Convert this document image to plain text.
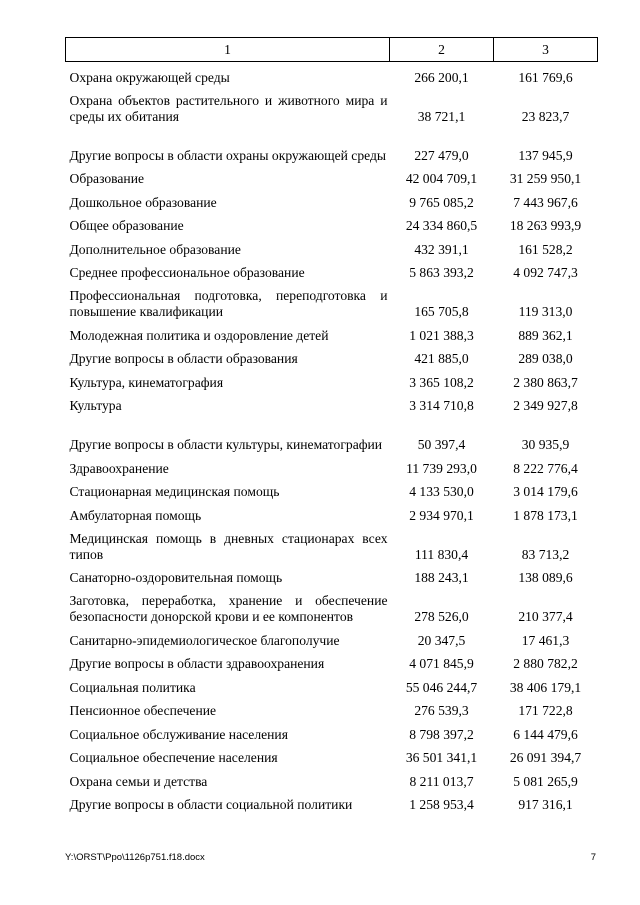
1	2	3
Охрана окружающей среды	266 200,1	161 769,6
Охрана объектов растительного и животного мира и среды их обитания	38 721,1	23 823,7
Другие вопросы в области охраны окружающей среды	227 479,0	137 945,9
Образование	42 004 709,1	31 259 950,1
Дошкольное образование	9 765 085,2	7 443 967,6
Общее образование	24 334 860,5	18 263 993,9
Дополнительное образование	432 391,1	161 528,2
Среднее профессиональное образование	5 863 393,2	4 092 747,3
Профессиональная подготовка, переподготовка и повышение квалификации	165 705,8	119 313,0
Молодежная политика и оздоровление детей	1 021 388,3	889 362,1
Другие вопросы в области образования	421 885,0	289 038,0
Культура, кинематография	3 365 108,2	2 380 863,7
Культура	3 314 710,8	2 349 927,8
Другие вопросы в области культуры, кинематографии	50 397,4	30 935,9
Здравоохранение	11 739 293,0	8 222 776,4
Стационарная медицинская помощь	4 133 530,0	3 014 179,6
Амбулаторная помощь	2 934 970,1	1 878 173,1
Медицинская помощь в дневных стационарах всех типов	111 830,4	83 713,2
Санаторно-оздоровительная помощь	188 243,1	138 089,6
Заготовка, переработка, хранение и обеспечение безопасности донорской крови и ее компонентов	278 526,0	210 377,4
Санитарно-эпидемиологическое благополучие	20 347,5	17 461,3
Другие вопросы в области здравоохранения	4 071 845,9	2 880 782,2
Социальная политика	55 046 244,7	38 406 179,1
Пенсионное обеспечение	276 539,3	171 722,8
Социальное обслуживание населения	8 798 397,2	6 144 479,6
Социальное обеспечение населения	36 501 341,1	26 091 394,7
Охрана семьи и детства	8 211 013,7	5 081 265,9
Другие вопросы в области социальной политики	1 258 953,4	917 316,1
Y:\ORST\Ppo\1126p751.f18.docx	7
